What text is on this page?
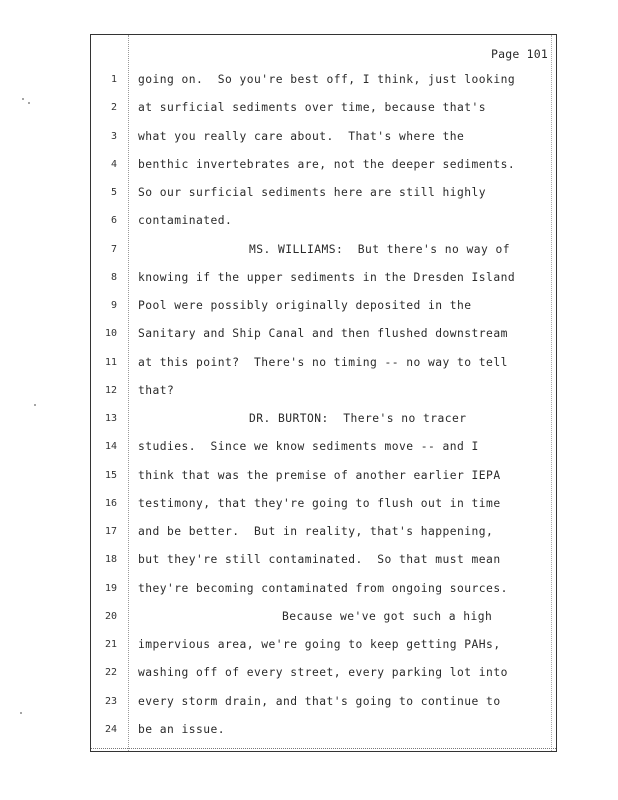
Page 101
1 going on.  So you're best off, I think, just looking
2 at surficial sediments over time, because that's
3 what you really care about.  That's where the
4 benthic invertebrates are, not the deeper sediments.
5 So our surficial sediments here are still highly
6 contaminated.
7	MS. WILLIAMS:  But there's no way of
8 knowing if the upper sediments in the Dresden Island
9 Pool were possibly originally deposited in the
10 Sanitary and Ship Canal and then flushed downstream
11 at this point?  There's no timing -- no way to tell
12 that?
13	DR. BURTON:  There's no tracer
14 studies.  Since we know sediments move -- and I
15 think that was the premise of another earlier IEPA
16 testimony, that they're going to flush out in time
17 and be better.  But in reality, that's happening,
18 but they're still contaminated.  So that must mean
19 they're becoming contaminated from ongoing sources.
20	Because we've got such a high
21 impervious area, we're going to keep getting PAHs,
22 washing off of every street, every parking lot into
23 every storm drain, and that's going to continue to
24 be an issue.
